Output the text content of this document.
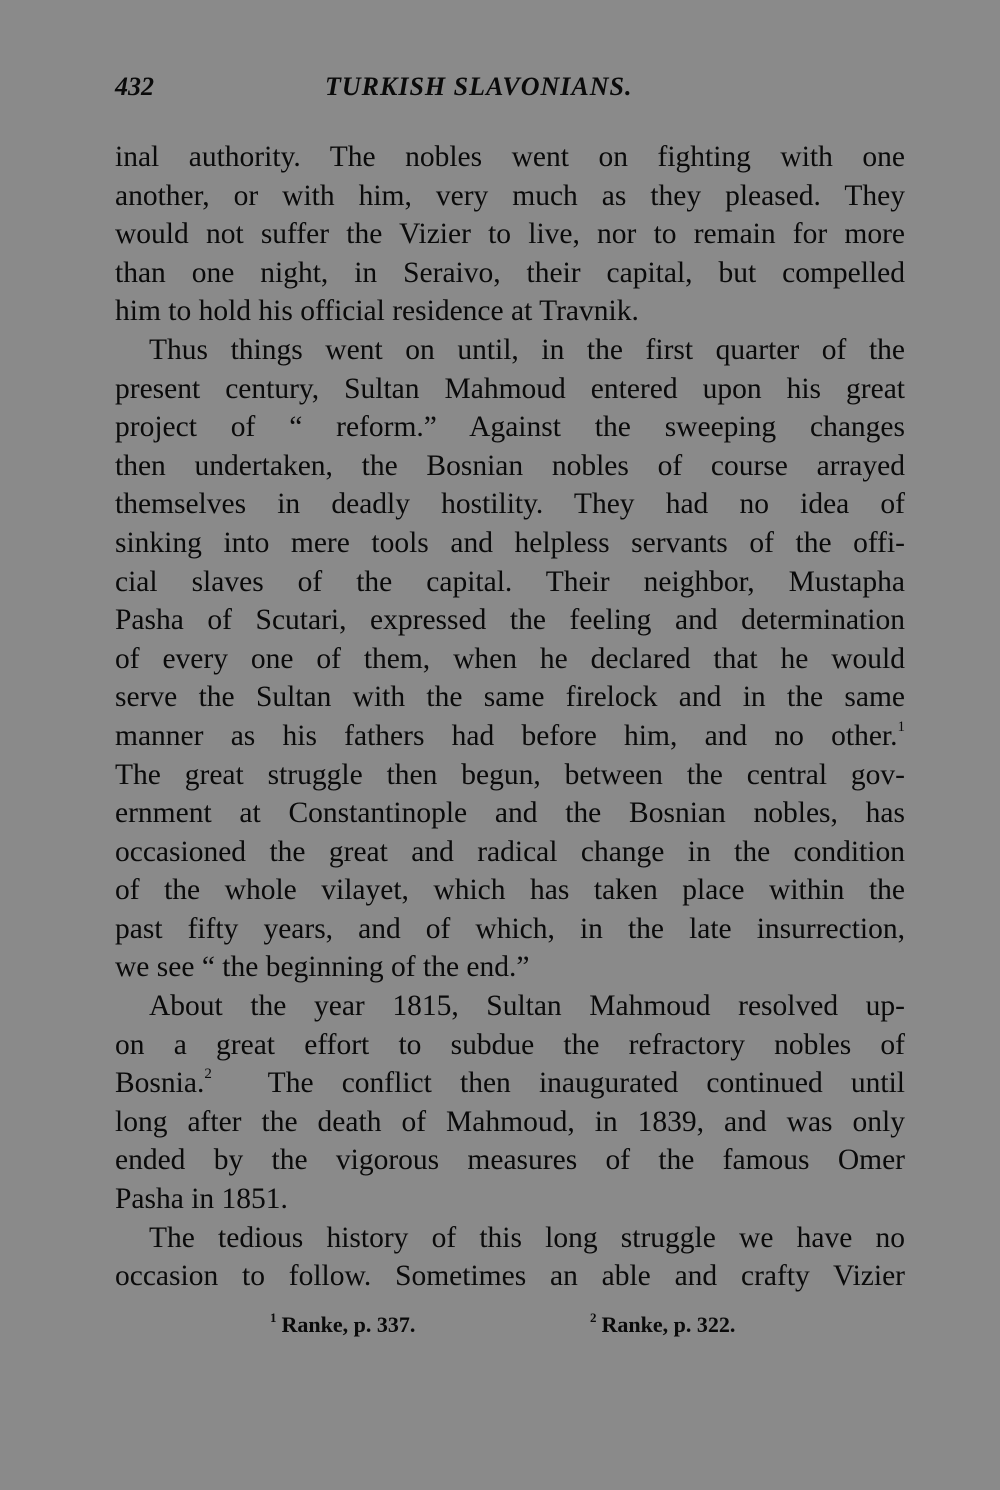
432	TURKISH SLAVONIANS.
inal authority. The nobles went on fighting with one
another, or with him, very much as they pleased. They
would not suffer the Vizier to live, nor to remain for more
than one night, in Seraivo, their capital, but compelled
him to hold his official residence at Travnik.
Thus things went on until, in the first quarter of the
present century, Sultan Mahmoud entered upon his great
project of “ reform.” Against the sweeping changes
then undertaken, the Bosnian nobles of course arrayed
themselves in deadly hostility. They had no idea of
sinking into mere tools and helpless servants of the offi-
cial slaves of the capital. Their neighbor, Mustapha
Pasha of Scutari, expressed the feeling and determination
of every one of them, when he declared that he would
serve the Sultan with the same firelock and in the same
manner as his fathers had before him, and no other.$^1$
The great struggle then begun, between the central gov-
ernment at Constantinople and the Bosnian nobles, has
occasioned the great and radical change in the condition
of the whole vilayet, which has taken place within the
past fifty years, and of which, in the late insurrection,
we see “ the beginning of the end.”
About the year 1815, Sultan Mahmoud resolved up-
on a great effort to subdue the refractory nobles of
Bosnia.$^2$ The conflict then inaugurated continued until
long after the death of Mahmoud, in 1839, and was only
ended by the vigorous measures of the famous Omer
Pasha in 1851.
The tedious history of this long struggle we have no
occasion to follow. Sometimes an able and crafty Vizier
$^1$ Ranke, p. 337.	$^2$ Ranke, p. 322.
